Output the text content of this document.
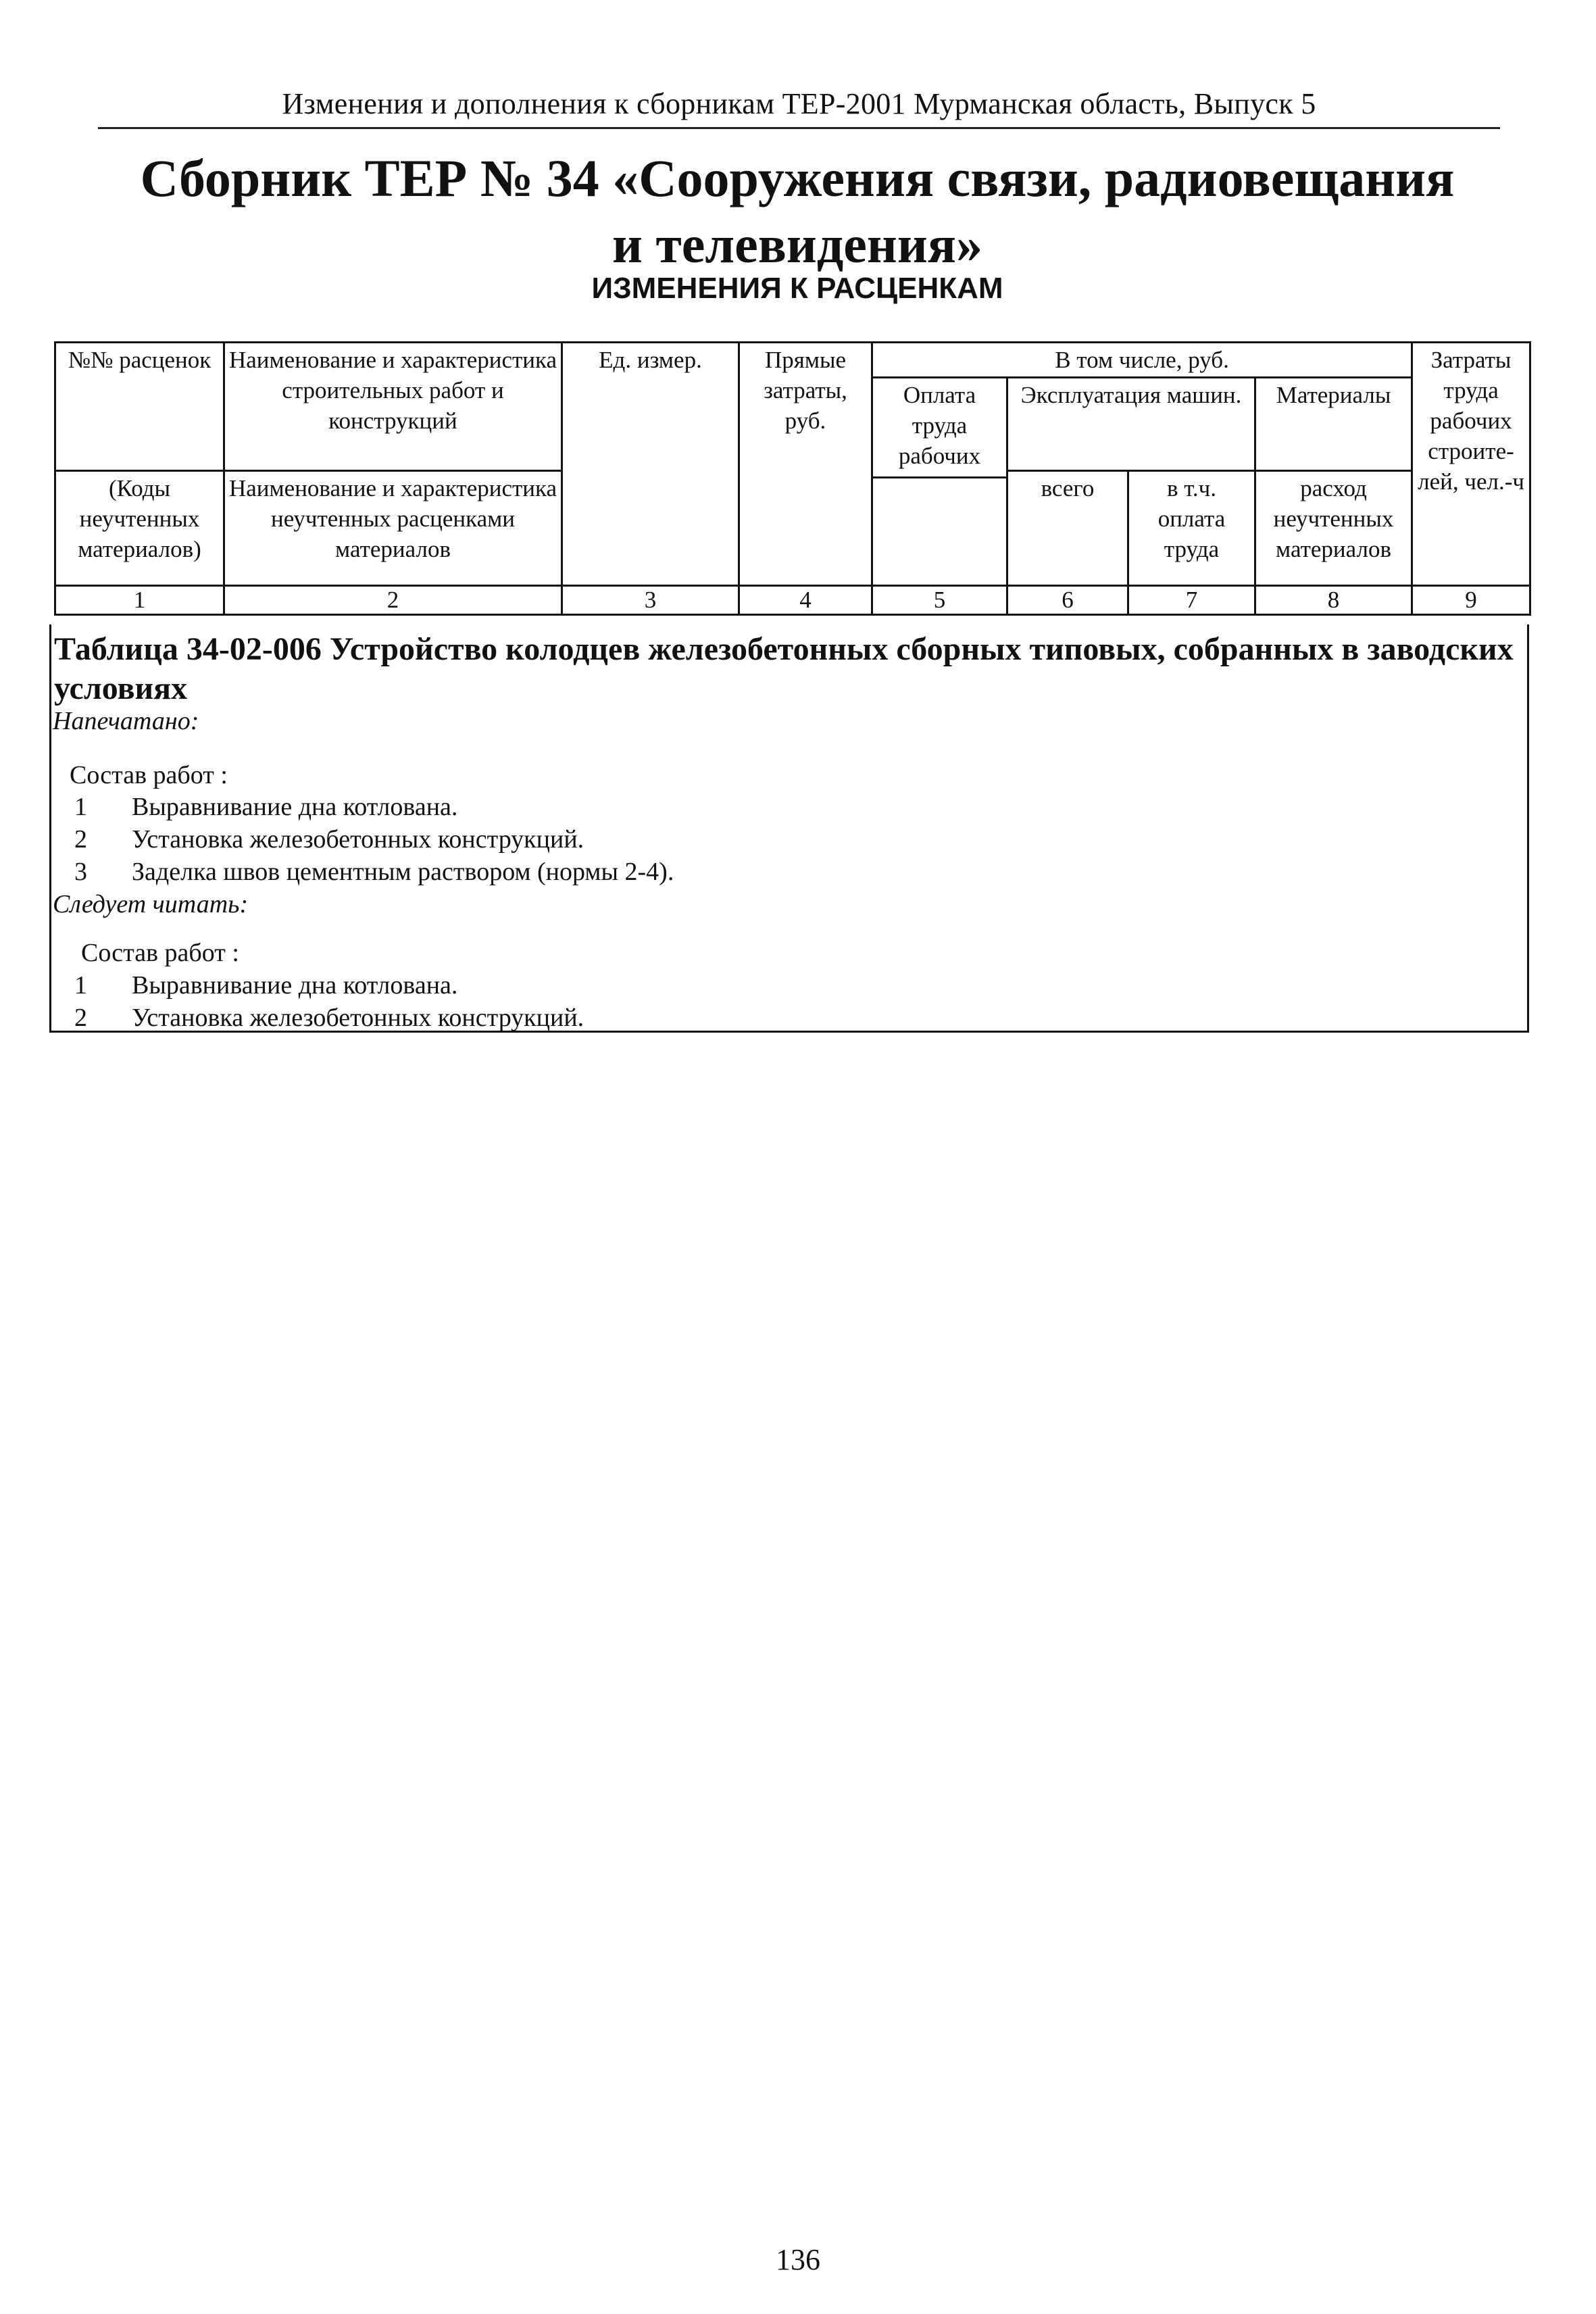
Изменения и дополнения к сборникам ТЕР-2001 Мурманская область, Выпуск 5
Сборник ТЕР № 34 «Сооружения связи, радиовещания
и телевидения»
ИЗМЕНЕНИЯ К РАСЦЕНКАМ
№№ расценок	Наименование и характеристика строительных работ и конструкций	Ед. измер.	Прямые затраты, руб.	В том числе, руб.				Затраты труда рабочих строите-лей, чел.-ч
				Оплата труда рабочих	Эксплуатация машин.		Материалы	
(Коды неучтенных материалов)	Наименование и характеристика неучтенных расценками материалов				всего	в т.ч. оплата труда	расход неучтенных материалов	

1	2	3	4	5	6	7	8	9
Таблица 34-02-006 Устройство колодцев железобетонных сборных типовых, собранных в заводских условиях
Напечатано:
Состав работ :
1 Выравнивание дна котлована.
2 Установка железобетонных конструкций.
3 Заделка швов цементным раствором (нормы 2-4).
Следует читать:
Состав работ :
1 Выравнивание дна котлована.
2 Установка железобетонных конструкций.
136
